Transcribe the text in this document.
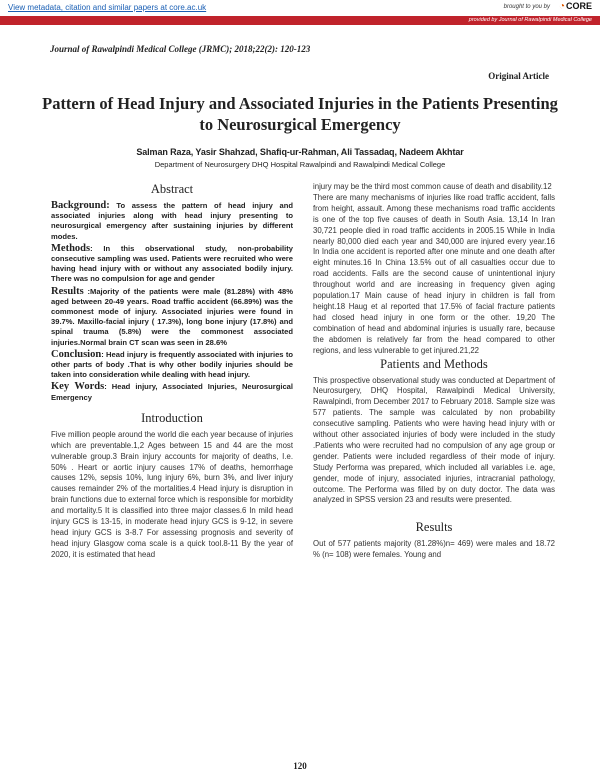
View metadata, citation and similar papers at core.ac.uk	brought to you by ◔CORE
provided by Journal of Rawalpindi Medical College
Journal of Rawalpindi Medical College (JRMC); 2018;22(2): 120-123
Original Article
Pattern of Head Injury and Associated Injuries in the Patients Presenting to Neurosurgical Emergency
Salman Raza, Yasir Shahzad, Shafiq-ur-Rahman, Ali Tassadaq, Nadeem Akhtar
Department of Neurosurgery DHQ Hospital Rawalpindi and Rawalpindi Medical College
Abstract

Background: To assess the pattern of head injury and associated injuries along with head injury presenting to neurosurgical emergency after sustaining injuries by different modes.

Methods: In this observational study, non-probability consecutive sampling was used. Patients were recruited who were having head injury with or without any associated bodily injury. There was no compulsion for age and gender

Results :Majority of the patients were male (81.28%) with 48% aged between 20-49 years. Road traffic accident (66.89%) was the commonest mode of injury. Associated injuries were found in 39.7%. Maxillo-facial injury ( 17.3%), long bone injury (17.8%) and spinal trauma (5.8%) were the commonest associated injuries.Normal brain CT scan was seen in 28.6%

Conclusion: Head injury is frequently associated with injuries to other parts of body .That is why other bodily injuries should be taken into consideration while dealing with head injury.

Key Words: Head injury, Associated Injuries, Neurosurgical Emergency

Introduction

Five million people around the world die each year because of injuries which are preventable.1,2 Ages between 15 and 44 are the most vulnerable group.3 Brain injury accounts for majority of deaths, I.e. 50% . Heart or aortic injury causes 17% of deaths, hemorrhage causes 12%, sepsis 10%, lung injury 6%, burn 3%, and liver injury causes remainder 2% of the mortalities.4 Head injury is disruption in brain functions due to external force which is responsible for morbidity and mortality.5 It is classified into three major classes.6 In mild head injury GCS is 13-15, in moderate head injury GCS is 9-12, in severe head injury GCS is 3-8.7 For assessing prognosis and severity of head injury Glasgow coma scale is a quick tool.8-11 By the year of 2020, it is estimated that head

injury may be the third most common cause of death and disability.12

There are many mechanisms of injuries like road traffic accident, falls from height, assault. Among these mechanisms road traffic accidents is one of the top five causes of death in South Asia. 13,14 In Iran 30,721 people died in road traffic accidents in 2005.15 While in India nearly 80,000 died each year and 340,000 are injured every year.16 In India one accident is reported after one minute and one death after eight minutes.16 In China 13.5% out of all casualties occur due to road accidents. Falls are the second cause of unintentional injury throughout world and are increasing in frequency given aging population.17 Main cause of head injury in children is fall from height.18 Haug et al reported that 17.5% of facial fracture patients had closed head injury in one form or the other. 19,20 The combination of head and abdominal injuries is usually rare, because the abdomen is relatively far from the head compared to other regions, and less vulnerable to get injured.21,22

Patients and Methods

This prospective observational study was conducted at Department of Neurosurgery, DHQ Hospital, Rawalpindi Medical University, Rawalpindi, from December 2017 to February 2018. Sample size was 577 patients. The sample was calculated by non probability consecutive sampling. Patients who were having head injury with or without other associated injuries of body were included in the study .Patients who were recruited had no compulsion of any age group or gender. Patients were included regardless of their mode of injury. Study Performa was prepared, which included all variables i.e. age, gender, mode of injury, associated injuries, intracranial pathology, outcome. The Performa was filled by on duty doctor. The data was analyzed in SPSS version 23 and results were presented.

Results

Out of 577 patients majority (81.28%)n= 469) were males and 18.72 % (n= 108) were females. Young and

120
